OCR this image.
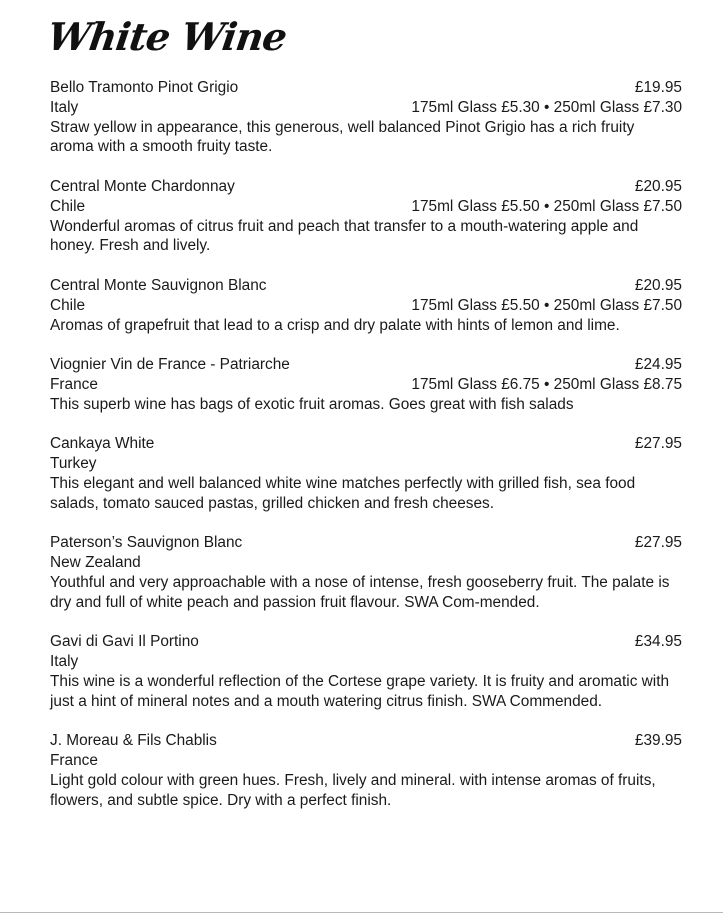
White Wine
Bello Tramonto Pinot Grigio	£19.95
Italy	175ml Glass £5.30 • 250ml Glass £7.30

Straw yellow in appearance, this generous, well balanced Pinot Grigio has a rich fruity aroma with a smooth fruity taste.

Central Monte Chardonnay	£20.95
Chile	175ml Glass £5.50 • 250ml Glass £7.50

Wonderful aromas of citrus fruit and peach that transfer to a mouth-watering apple and honey. Fresh and lively.

Central Monte Sauvignon Blanc	£20.95
Chile	175ml Glass £5.50 • 250ml Glass £7.50

Aromas of grapefruit that lead to a crisp and dry palate with hints of lemon and lime.

Viognier Vin de France - Patriarche	£24.95
France	175ml Glass £6.75 • 250ml Glass £8.75

This superb wine has bags of exotic fruit aromas. Goes great with fish salads

Cankaya White	£27.95
Turkey

This elegant and well balanced white wine matches perfectly with grilled fish, sea food salads, tomato sauced pastas, grilled chicken and fresh cheeses.

Paterson’s Sauvignon Blanc	£27.95
New Zealand

Youthful and very approachable with a nose of intense, fresh gooseberry fruit. The palate is dry and full of white peach and passion fruit flavour. SWA Com-mended.

Gavi di Gavi Il Portino	£34.95
Italy

This wine is a wonderful reflection of the Cortese grape variety. It is fruity and aromatic with just a hint of mineral notes and a mouth watering citrus finish. SWA Commended.

J. Moreau & Fils Chablis	£39.95
France

Light gold colour with green hues. Fresh, lively and mineral. with intense aromas of fruits, flowers, and subtle spice. Dry with a perfect finish.
